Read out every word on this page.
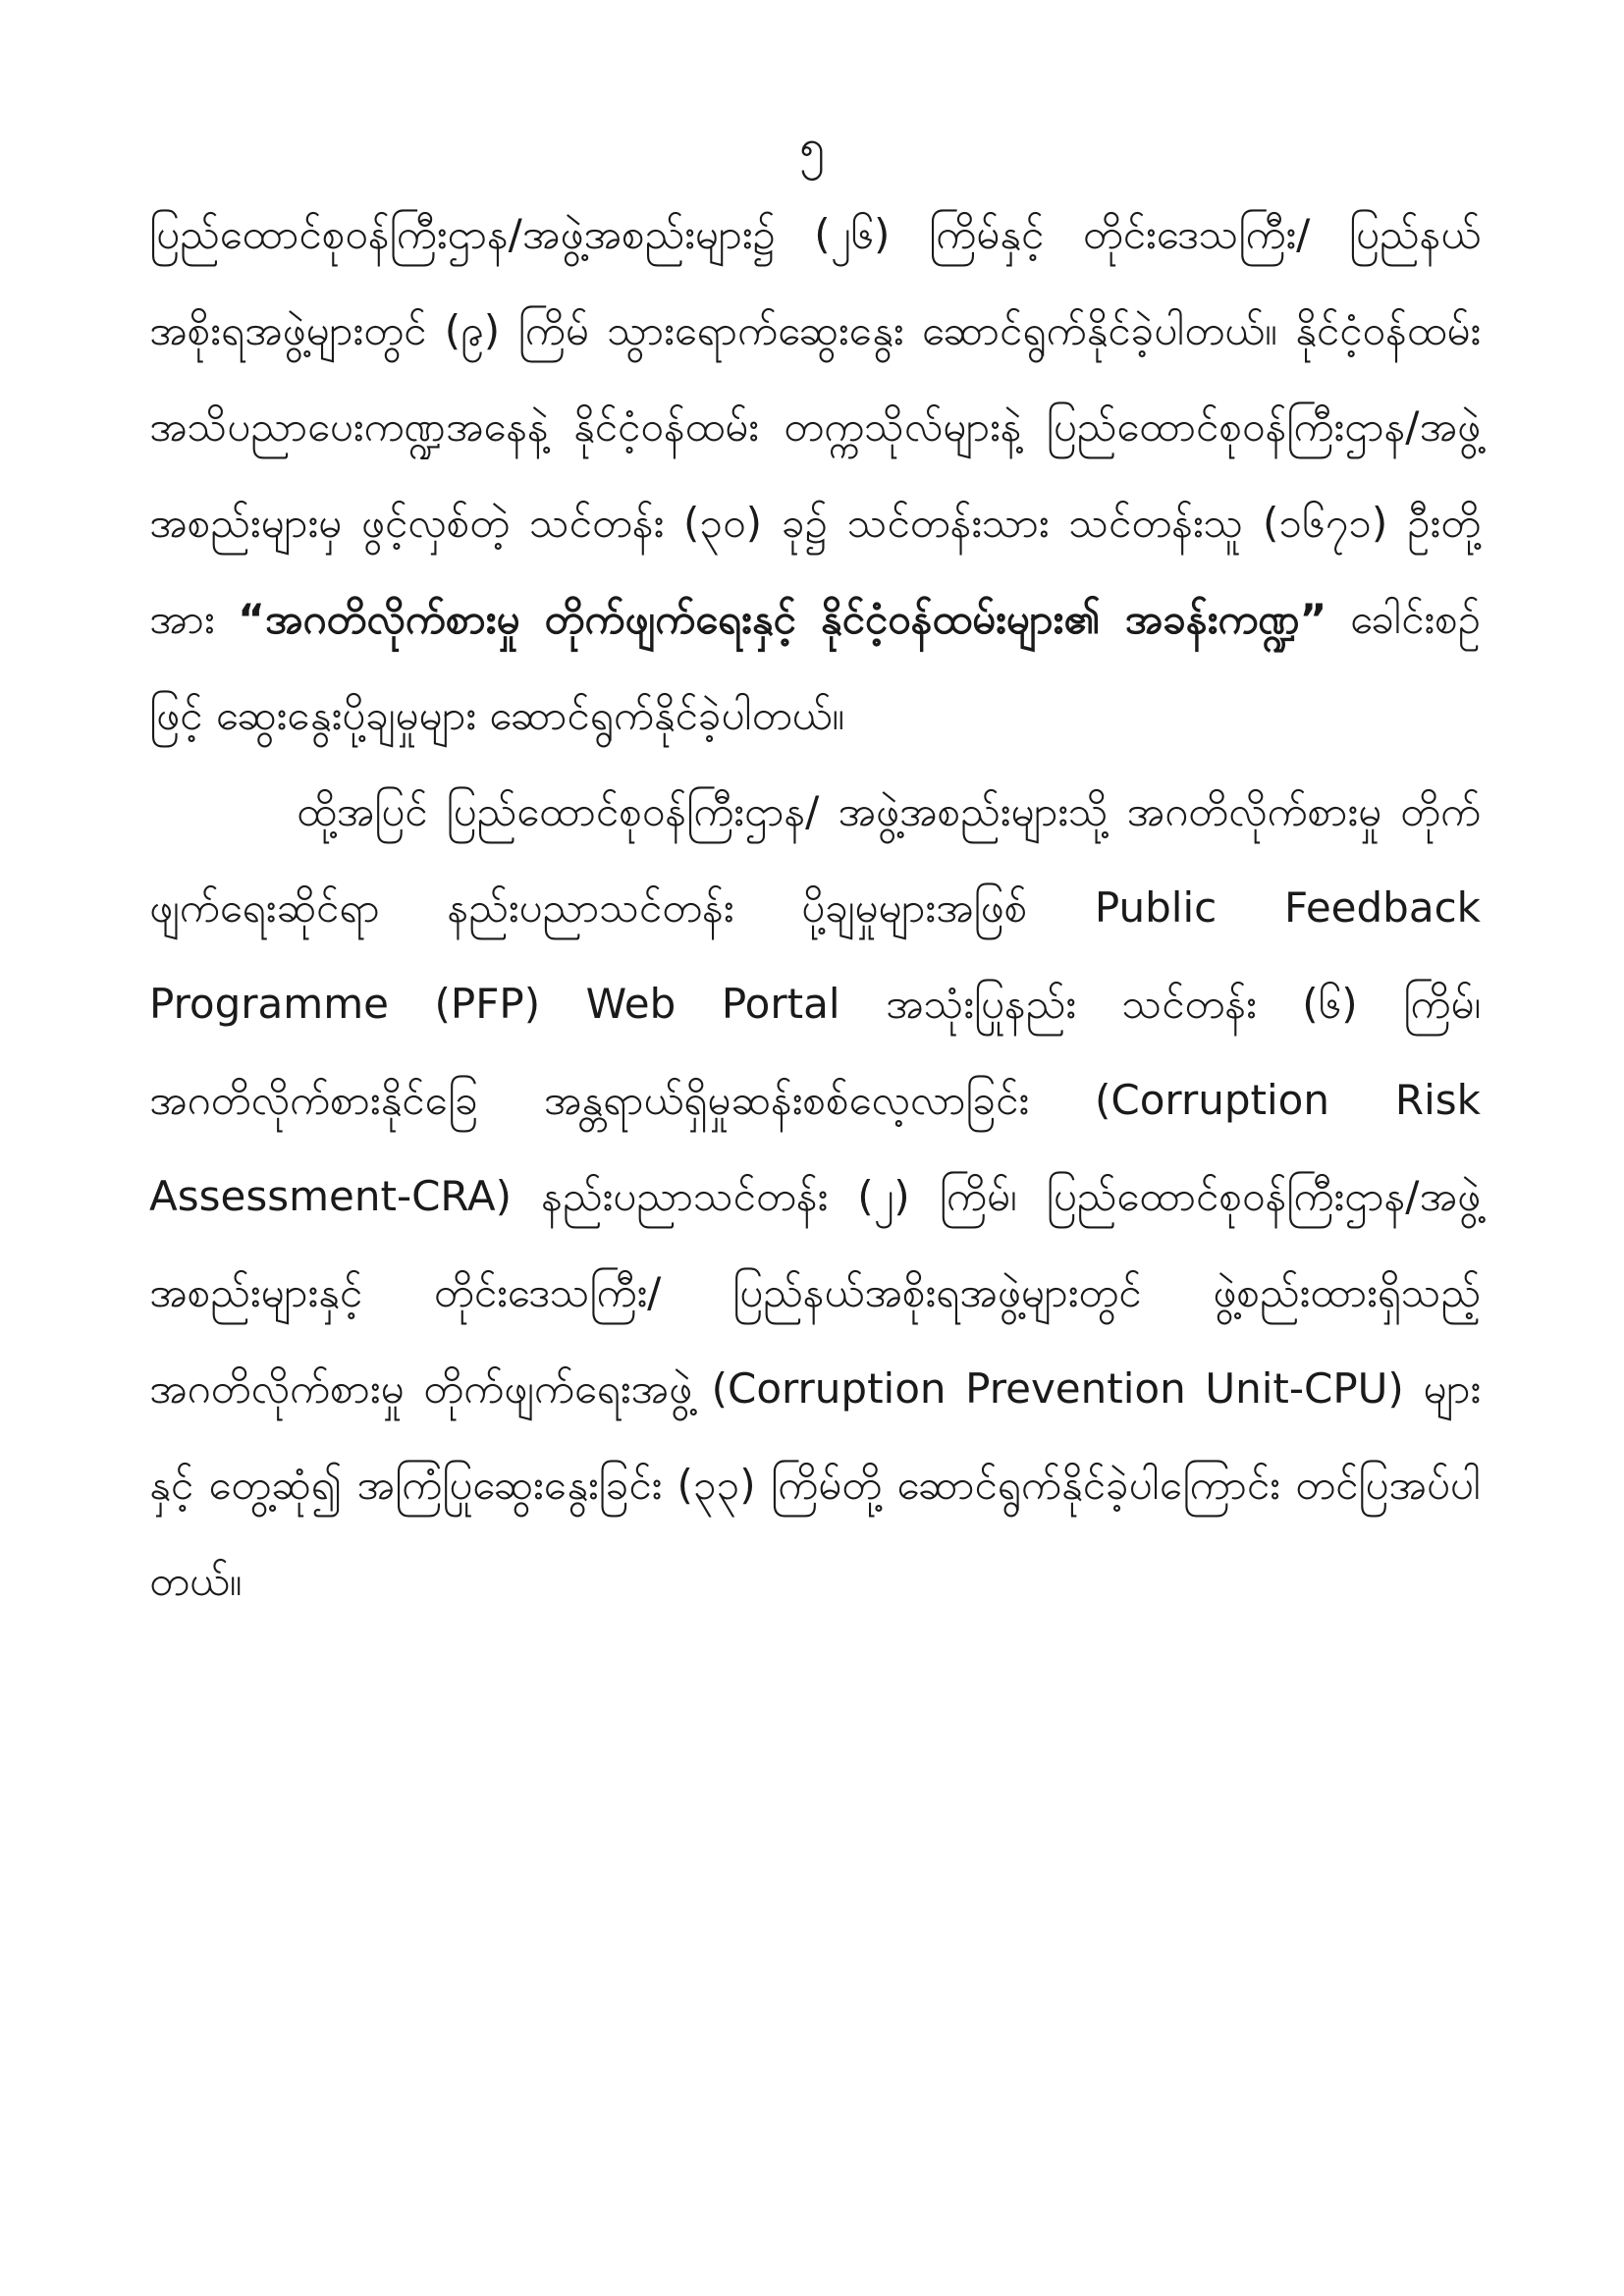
၅

ပြည်ထောင်စုဝန်ကြီးဌာန/အဖွဲ့အစည်းများ၌ (၂၆) ကြိမ်နှင့် တိုင်းဒေသကြီး/ ပြည်နယ်အစိုးရအဖွဲ့များတွင် (၉) ကြိမ် သွားရောက်ဆွေးနွေး ဆောင်ရွက်နိုင်ခဲ့ပါတယ်။ နိုင်ငံ့ဝန်ထမ်း အသိပညာပေးကဏ္ဍအနေနဲ့ နိုင်ငံ့ဝန်ထမ်း တက္ကသိုလ်များနဲ့ ပြည်ထောင်စုဝန်ကြီးဌာန/အဖွဲ့အစည်းများမှ ဖွင့်လှစ်တဲ့ သင်တန်း (၃၀) ခု၌ သင်တန်းသား သင်တန်းသူ (၁၆၇၁) ဦးတို့အား “အဂတိလိုက်စားမှု တိုက်ဖျက်ရေးနှင့် နိုင်ငံ့ဝန်ထမ်းများ၏ အခန်းကဏ္ဍ” ခေါင်းစဉ်ဖြင့် ဆွေးနွေးပို့ချမှုများ ဆောင်ရွက်နိုင်ခဲ့ပါတယ်။

ထို့အပြင် ပြည်ထောင်စုဝန်ကြီးဌာန/ အဖွဲ့အစည်းများသို့ အဂတိလိုက်စားမှု တိုက်ဖျက်ရေးဆိုင်ရာ နည်းပညာသင်တန်း ပို့ချမှုများအဖြစ် Public Feedback Programme (PFP) Web Portal အသုံးပြုနည်း သင်တန်း (၆) ကြိမ်၊ အဂတိလိုက်စားနိုင်ခြေ အန္တရာယ်ရှိမှုဆန်းစစ်လေ့လာခြင်း (Corruption Risk Assessment-CRA) နည်းပညာသင်တန်း (၂) ကြိမ်၊ ပြည်ထောင်စုဝန်ကြီးဌာန/အဖွဲ့အစည်းများနှင့် တိုင်းဒေသကြီး/ ပြည်နယ်အစိုးရအဖွဲ့များတွင် ဖွဲ့စည်းထားရှိသည့် အဂတိလိုက်စားမှု တိုက်ဖျက်ရေးအဖွဲ့ (Corruption Prevention Unit-CPU) များနှင့် တွေ့ဆုံ၍ အကြံပြုဆွေးနွေးခြင်း (၃၃) ကြိမ်တို့ ဆောင်ရွက်နိုင်ခဲ့ပါကြောင်း တင်ပြအပ်ပါတယ်။
